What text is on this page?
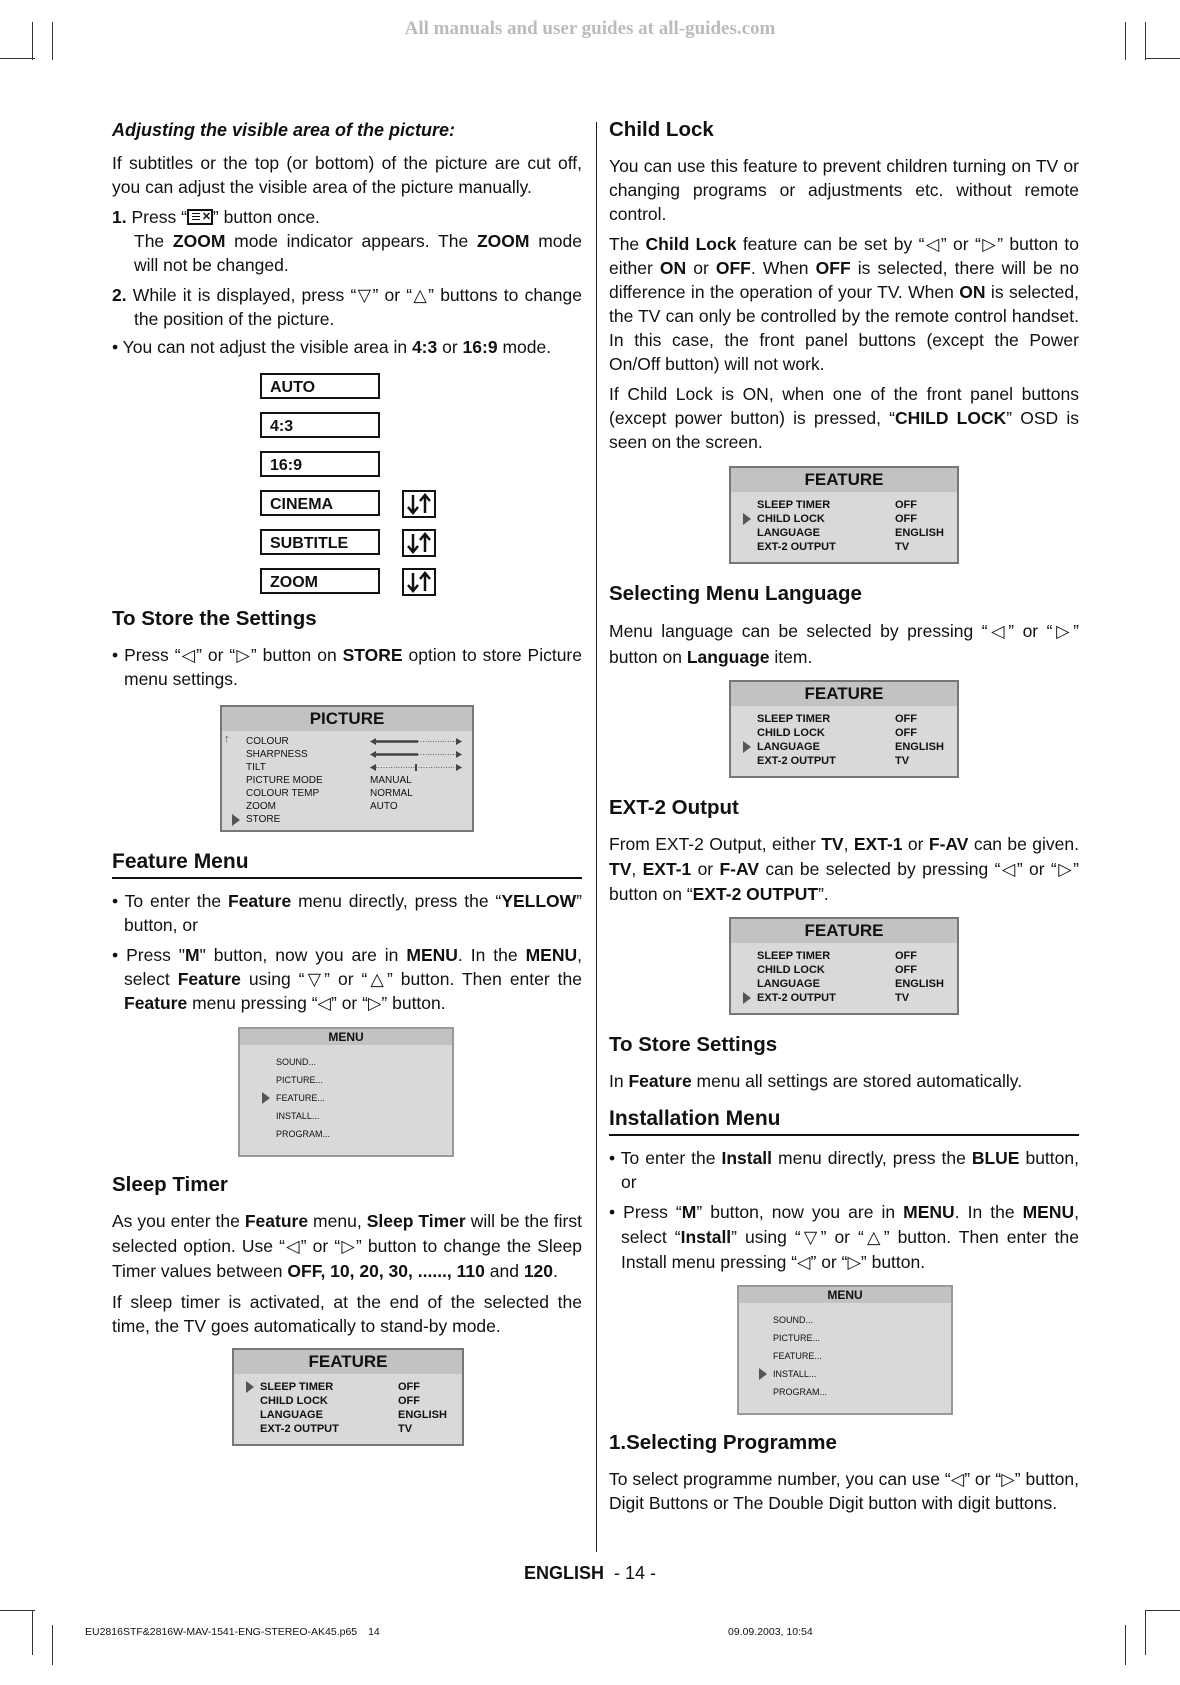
All manuals and user guides at all-guides.com
Adjusting the visible area of the picture:

If subtitles or the top (or bottom) of the picture are cut off, you can adjust the visible area of the picture manually.

1. Press “ ✕ ” button once.

The ZOOM mode indicator appears. The ZOOM mode will not be changed.

2. While it is displayed, press “▽” or “△” buttons to change the position of the picture.

• You can not adjust the visible area in 4:3 or 16:9 mode.

AUTO
4:3
16:9
CINEMA
SUBTITLE
ZOOM
To Store the Settings

• Press “◁” or “▷” button on STORE option to store Picture menu settings.

PICTURE
↑ COLOUR
SHARPNESS
TILT
PICTURE MODE	MANUAL
COLOUR TEMP	NORMAL
ZOOM	AUTO
STORE
Feature Menu

• To enter the Feature menu directly, press the “YELLOW” button, or

• Press "M" button, now you are in MENU. In the MENU, select Feature using “▽” or “△” button. Then enter the Feature menu pressing “◁” or “▷” button.

MENU
SOUND...
PICTURE...
FEATURE...
INSTALL...
PROGRAM...
Sleep Timer

As you enter the Feature menu, Sleep Timer will be the first selected option. Use “◁” or “▷” button to change the Sleep Timer values between OFF, 10, 20, 30, ......, 110 and 120.

If sleep timer is activated, at the end of the selected the time, the TV goes automatically to stand-by mode.

FEATURE
SLEEP TIMER	OFF
CHILD LOCK	OFF
LANGUAGE	ENGLISH
EXT-2 OUTPUT	TV
Child Lock

You can use this feature to prevent children turning on TV or changing programs or adjustments etc. without remote control.

The Child Lock feature can be set by “◁” or “▷” button to either ON or OFF. When OFF is selected, there will be no difference in the operation of your TV. When ON is selected, the TV can only be controlled by the remote control handset. In this case, the front panel buttons (except the Power On/Off button) will not work.

If Child Lock is ON, when one of the front panel buttons (except power button) is pressed, “CHILD LOCK” OSD is seen on the screen.

FEATURE
SLEEP TIMER	OFF
CHILD LOCK	OFF
LANGUAGE	ENGLISH
EXT-2 OUTPUT	TV
Selecting Menu Language

Menu language can be selected by pressing “◁” or “▷” button on Language item.

FEATURE
SLEEP TIMER	OFF
CHILD LOCK	OFF
LANGUAGE	ENGLISH
EXT-2 OUTPUT	TV
EXT-2 Output

From EXT-2 Output, either TV, EXT-1 or F-AV can be given. TV, EXT-1 or F-AV can be selected by pressing “◁” or “▷” button on “EXT-2 OUTPUT”.

FEATURE
SLEEP TIMER	OFF
CHILD LOCK	OFF
LANGUAGE	ENGLISH
EXT-2 OUTPUT	TV
To Store Settings

In Feature menu all settings are stored automatically.

Installation Menu

• To enter the Install menu directly, press the BLUE button, or

• Press “M” button, now you are in MENU. In the MENU, select “Install” using “▽” or “△” button. Then enter the Install menu pressing “◁” or “▷” button.

MENU
SOUND...
PICTURE...
FEATURE...
INSTALL...
PROGRAM...
1.Selecting Programme

To select programme number, you can use “◁” or “▷” button, Digit Buttons or The Double Digit button with digit buttons.

ENGLISH - 14 -
EU2816STF&2816W-MAV-1541-ENG-STEREO-AK45.p65 14	09.09.2003, 10:54
